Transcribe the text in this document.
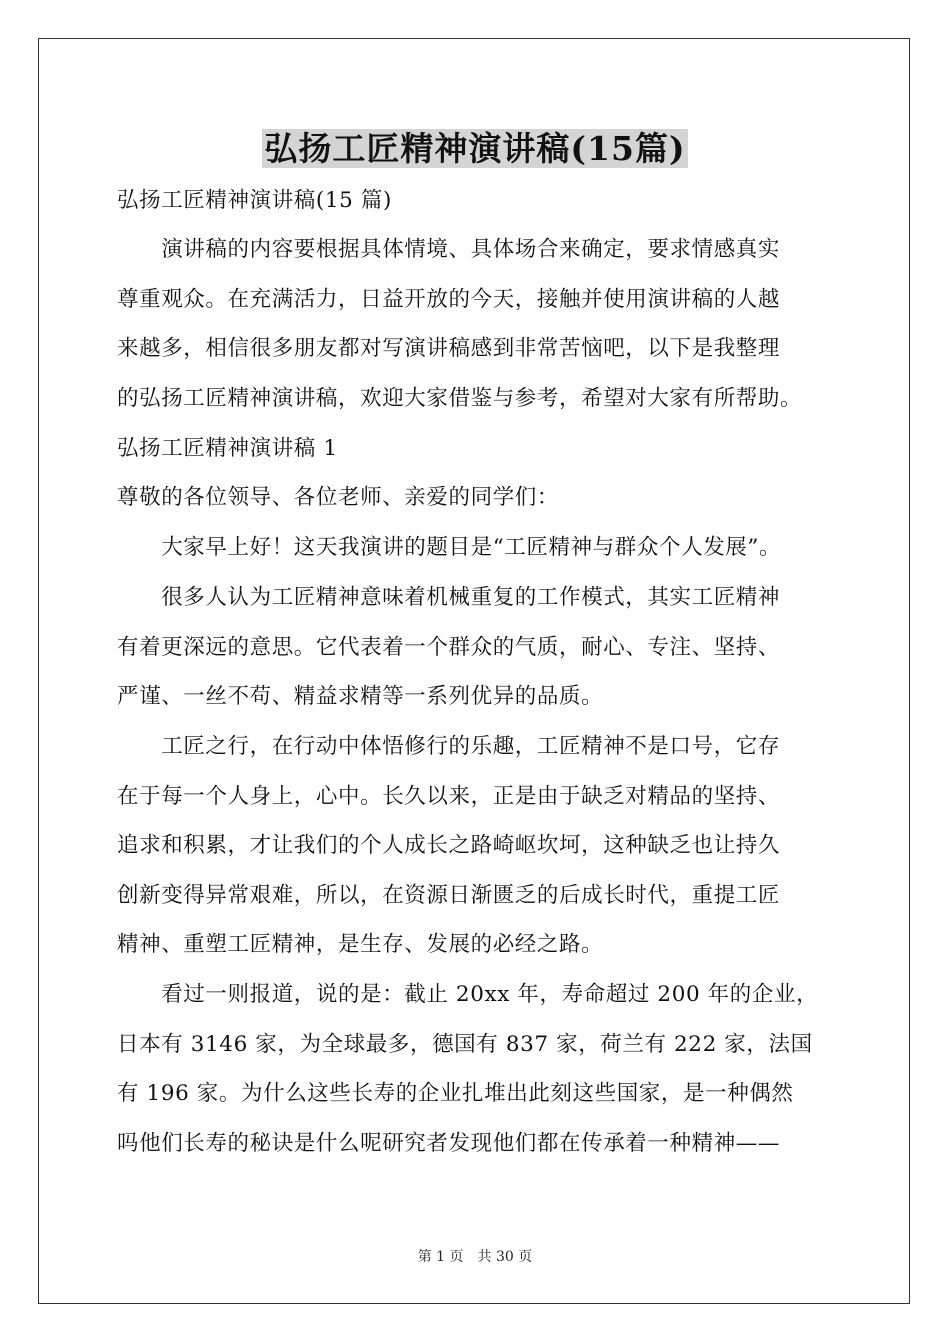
弘扬工匠精神演讲稿(15篇)
弘扬工匠精神演讲稿(15 篇)
　　演讲稿的内容要根据具体情境、具体场合来确定，要求情感真实
尊重观众。在充满活力，日益开放的今天，接触并使用演讲稿的人越
来越多，相信很多朋友都对写演讲稿感到非常苦恼吧，以下是我整理
的弘扬工匠精神演讲稿，欢迎大家借鉴与参考，希望对大家有所帮助。
弘扬工匠精神演讲稿 1
尊敬的各位领导、各位老师、亲爱的同学们：
　　大家早上好！这天我演讲的题目是“工匠精神与群众个人发展”。
　　很多人认为工匠精神意味着机械重复的工作模式，其实工匠精神
有着更深远的意思。它代表着一个群众的气质，耐心、专注、坚持、
严谨、一丝不苟、精益求精等一系列优异的品质。
　　工匠之行，在行动中体悟修行的乐趣，工匠精神不是口号，它存
在于每一个人身上，心中。长久以来，正是由于缺乏对精品的坚持、
追求和积累，才让我们的个人成长之路崎岖坎坷，这种缺乏也让持久
创新变得异常艰难，所以，在资源日渐匮乏的后成长时代，重提工匠
精神、重塑工匠精神，是生存、发展的必经之路。
　　看过一则报道，说的是：截止 20xx 年，寿命超过 200 年的企业，
日本有 3146 家，为全球最多，德国有 837 家，荷兰有 222 家，法国
有 196 家。为什么这些长寿的企业扎堆出此刻这些国家，是一种偶然
吗他们长寿的秘诀是什么呢研究者发现他们都在传承着一种精神——
第 1 页　共 30 页
